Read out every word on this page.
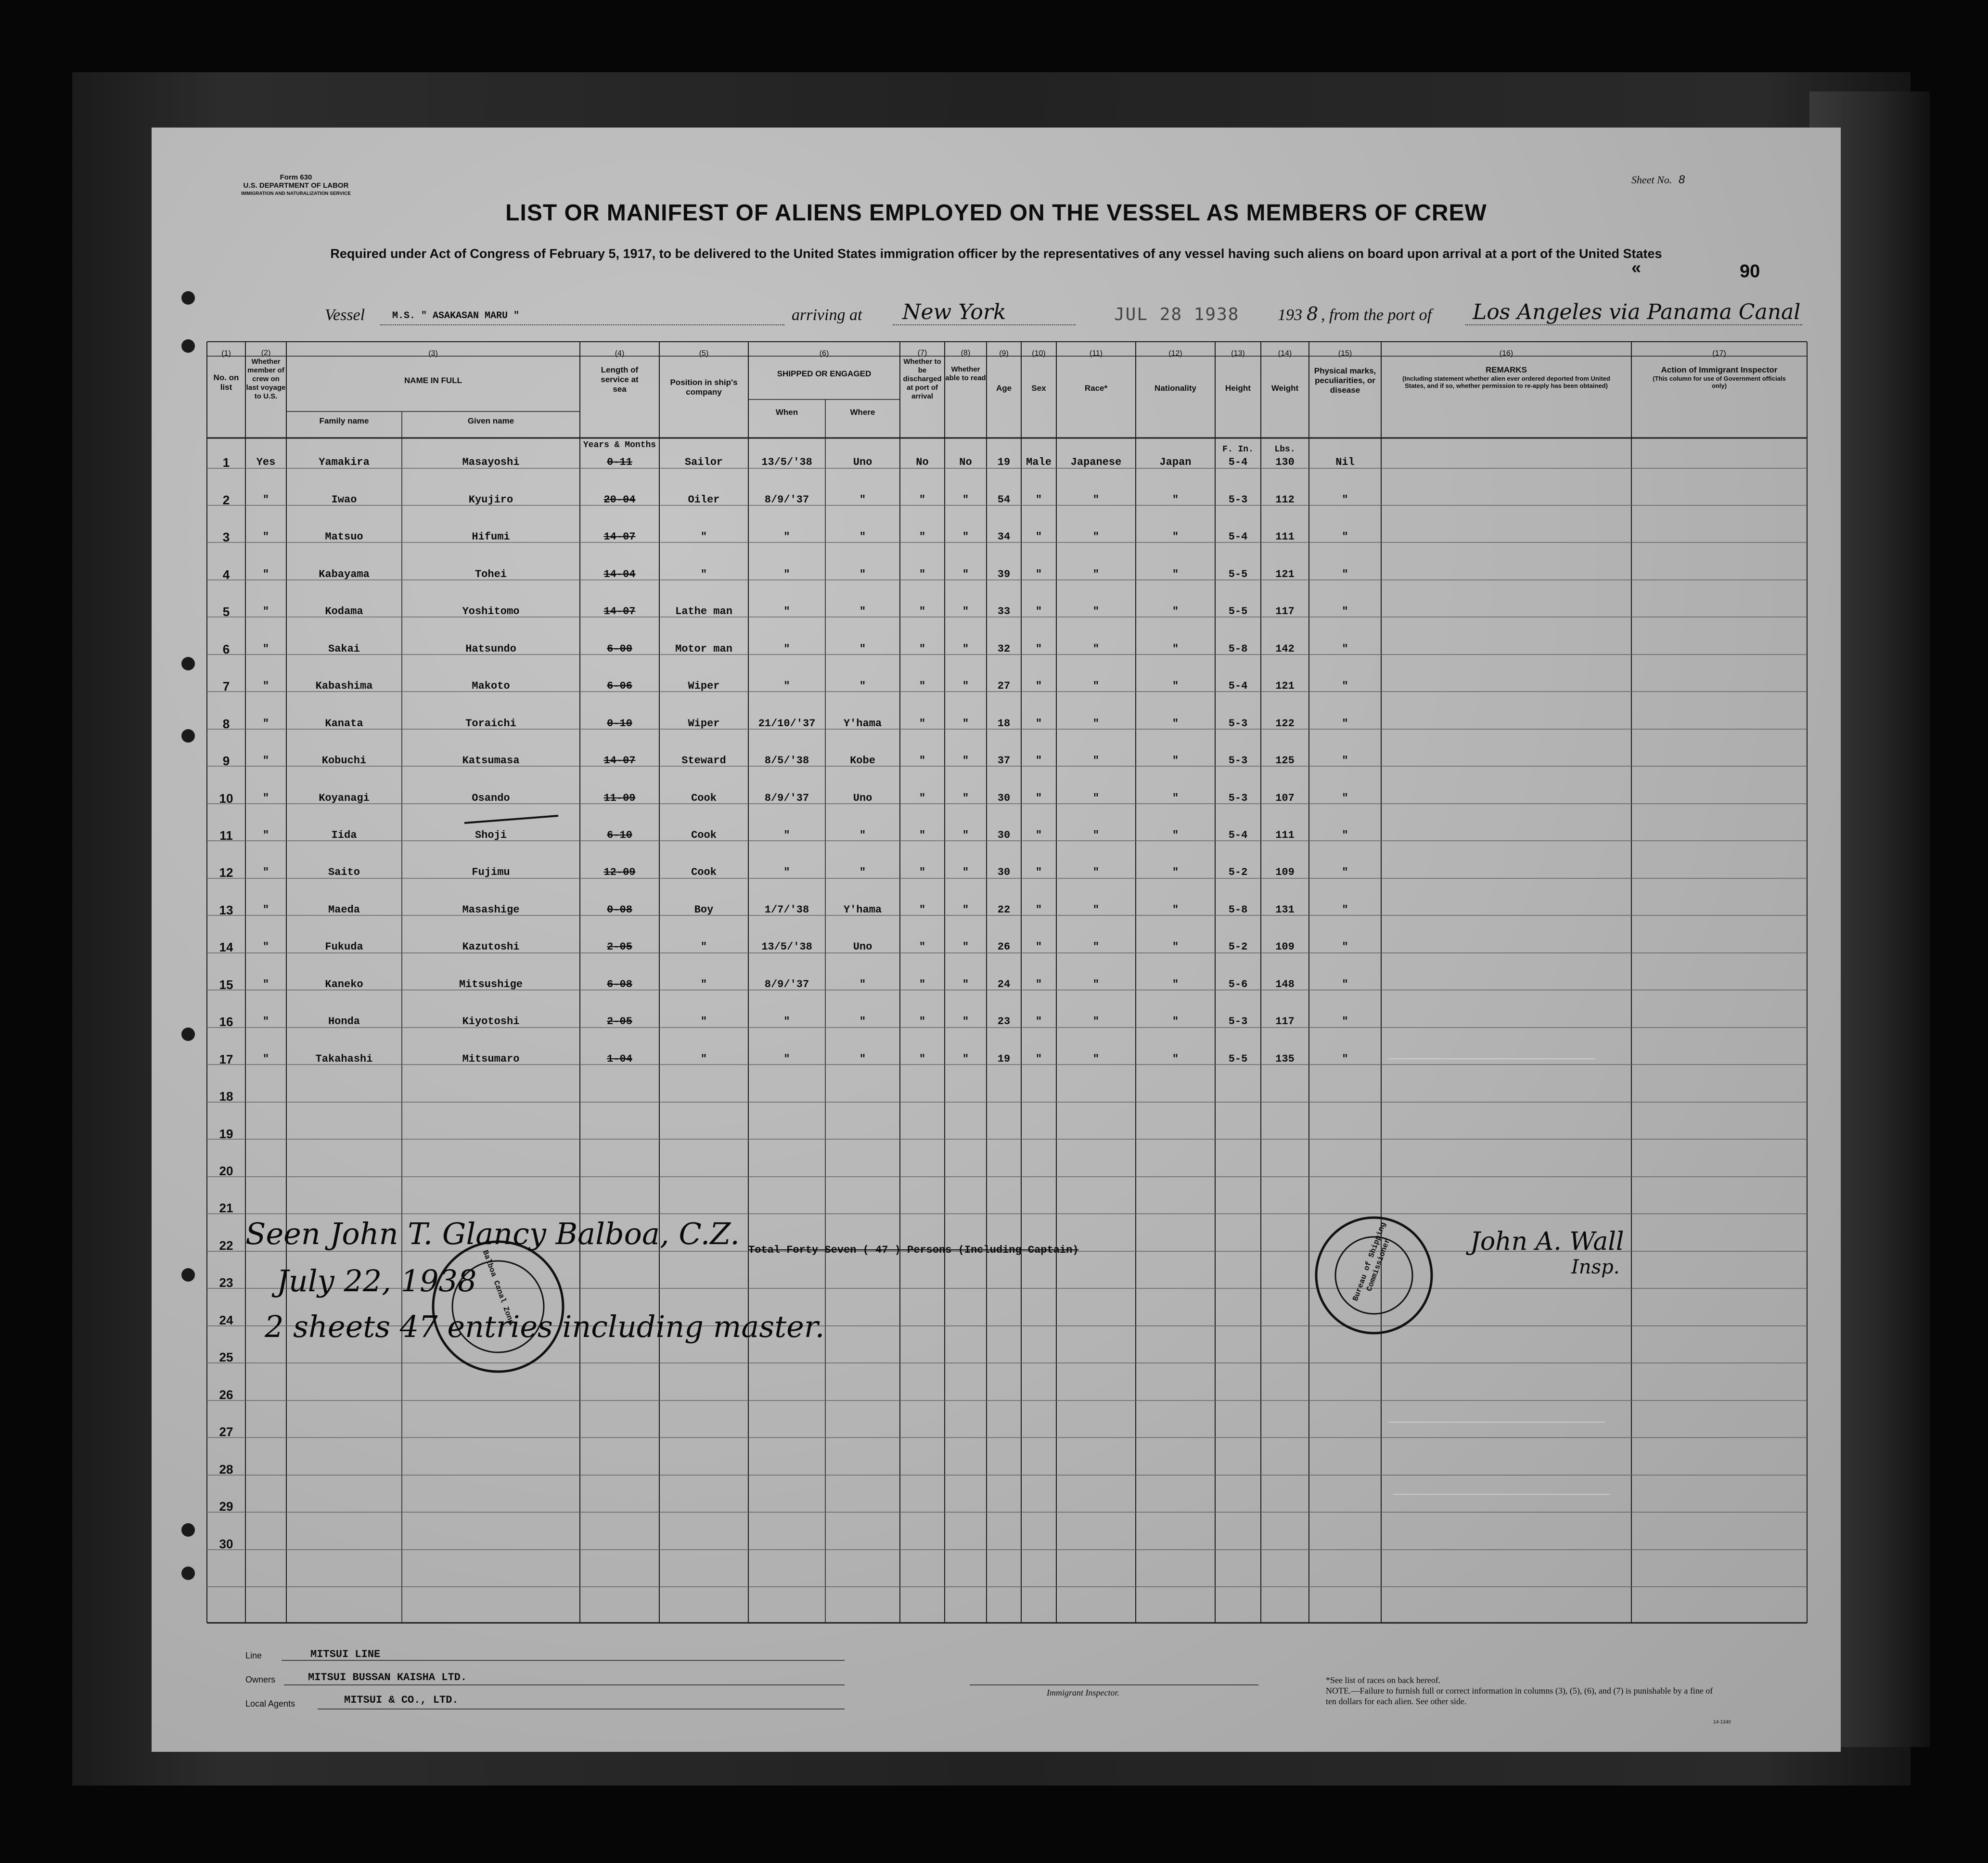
Form 630
U.S. DEPARTMENT OF LABOR
IMMIGRATION AND NATURALIZATION SERVICE
Sheet No. 8
LIST OR MANIFEST OF ALIENS EMPLOYED ON THE VESSEL AS MEMBERS OF CREW
Required under Act of Congress of February 5, 1917, to be delivered to the United States immigration officer by the representatives of any vessel having such aliens on board upon arrival at a port of the United States
«	90
Vessel	M.S. " ASAKASAN MARU "	arriving at New York	JUL 28 1938 193 8 , from the port of Los Angeles via Panama Canal
(1)
No. on list
(2)
Whether member of crew on last voyage to U.S.
(3)
NAME IN FULL
Family name	Given name
(4)
Length of service at sea
(5)
Position in ship's company
(6)
SHIPPED OR ENGAGED
When	Where
(7)
Whether to be discharged at port of arrival
(8)
Whether able to read
(9)
Age
(10)
Sex
(11)
Race*
(12)
Nationality
(13)
Height
(14)
Weight
(15)
Physical marks, peculiarities, or disease
(16)
REMARKS
(Including statement whether alien ever ordered deported from United States, and if so, whether permission to re-apply has been obtained)
(17)
Action of Immigrant Inspector
(This column for use of Government officials only)
Years & Months	F. In.	Lbs.
1	Yes	Yamakira	Masayoshi	0-11	Sailor	13/5/'38	Uno	No	No	19	Male	Japanese	Japan	5-4	130	Nil
2	"	Iwao	Kyujiro	20-04	Oiler	8/9/'37	"	"	"	54	"	"	"	5-3	112	"
3	"	Matsuo	Hifumi	14-07	"	"	"	"	"	34	"	"	"	5-4	111	"
4	"	Kabayama	Tohei	14-04	"	"	"	"	"	39	"	"	"	5-5	121	"
5	"	Kodama	Yoshitomo	14-07	Lathe man	"	"	"	"	33	"	"	"	5-5	117	"
6	"	Sakai	Hatsundo	6-00	Motor man	"	"	"	"	32	"	"	"	5-8	142	"
7	"	Kabashima	Makoto	6-06	Wiper	"	"	"	"	27	"	"	"	5-4	121	"
8	"	Kanata	Toraichi	0-10	Wiper	21/10/'37	Y'hama	"	"	18	"	"	"	5-3	122	"
9	"	Kobuchi	Katsumasa	14-07	Steward	8/5/'38	Kobe	"	"	37	"	"	"	5-3	125	"
10	"	Koyanagi	Osando	11-09	Cook	8/9/'37	Uno	"	"	30	"	"	"	5-3	107	"
11	"	Iida	Shoji	6-10	Cook	"	"	"	"	30	"	"	"	5-4	111	"
12	"	Saito	Fujimu	12-09	Cook	"	"	"	"	30	"	"	"	5-2	109	"
13	"	Maeda	Masashige	0-08	Boy	1/7/'38	Y'hama	"	"	22	"	"	"	5-8	131	"
14	"	Fukuda	Kazutoshi	2-05	"	13/5/'38	Uno	"	"	26	"	"	"	5-2	109	"
15	"	Kaneko	Mitsushige	6-08	"	8/9/'37	"	"	"	24	"	"	"	5-6	148	"
16	"	Honda	Kiyotoshi	2-05	"	"	"	"	"	23	"	"	"	5-3	117	"
17	"	Takahashi	Mitsumaro	1-04	"	"	"	"	"	19	"	"	"	5-5	135	"
18
19
20
21
22
23
24
25
26
27
28
29
30
Seen John T. Glancy Balboa, C.Z. Total Forty Seven ( 47 ) Persons (Including Captain)
July 22, 1938
2 sheets 47 entries including master.
John A. Wall
Insp.
Bureau of Shipping Commissioner
Balboa Canal Zone
Line	MITSUI LINE
Owners	MITSUI BUSSAN KAISHA LTD.
Local Agents	MITSUI & CO., LTD.
Immigrant Inspector.
*See list of races on back hereof.
NOTE.—Failure to furnish full or correct information in columns (3), (5), (6), and (7) is punishable by a fine of ten dollars for each alien. See other side.
14-1340
